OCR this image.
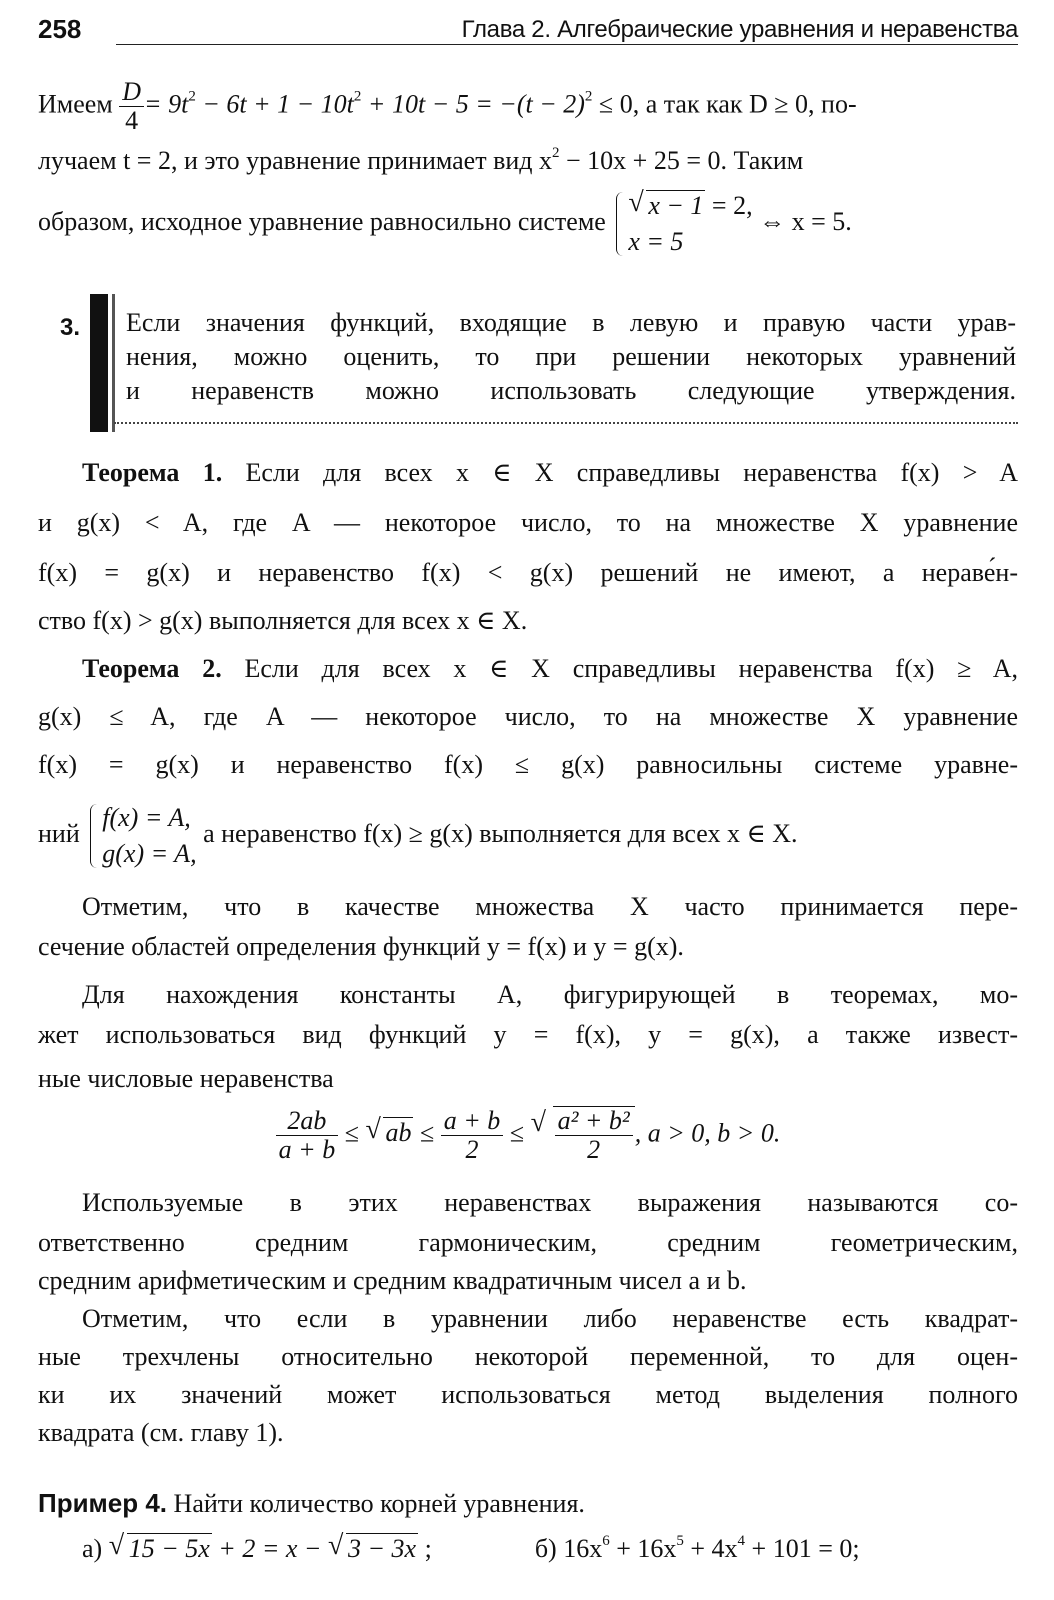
258	Глава 2. Алгебраические уравнения и неравенства
Имеем $\frac{D}{4} = 9t^2 - 6t + 1 - 10t^2 + 10t - 5 = -(t - 2)^2 \le 0$, а так как D ≥ 0, по-
лучаем t = 2, и это уравнение принимает вид $x^2 - 10x + 25 = 0$. Таким
образом, исходное уравнение равносильно системе
√ x − 1 = 2,
x = 5
⇔ x = 5.
3. Если значения функций, входящие в левую и правую части урав-
нения, можно оценить, то при решении некоторых уравнений
и неравенств можно использовать следующие утверждения.
Теорема 1. Если для всех x ∈ X справедливы неравенства f(x) > A
и g(x) < A, где A — некоторое число, то на множестве X уравнение
f(x) = g(x) и неравенство f(x) < g(x) решений не имеют, а нераве́н-
ство f(x) > g(x) выполняется для всех x ∈ X.
Теорема 2. Если для всех x ∈ X справедливы неравенства f(x) ≥ A,
g(x) ≤ A, где A — некоторое число, то на множестве X уравнение
f(x) = g(x) и неравенство f(x) ≤ g(x) равносильны системе уравне-
ний
f(x) = A,
g(x) = A,
а неравенство f(x) ≥ g(x) выполняется для всех x ∈ X.
Отметим, что в качестве множества X часто принимается пере-
сечение областей определения функций y = f(x) и y = g(x).
Для нахождения константы A, фигурирующей в теоремах, мо-
жет использоваться вид функций y = f(x), y = g(x), а также извест-
ные числовые неравенства
$\frac{2ab}{a + b}$ ≤ √ ab ≤ $\frac{a + b}{2}$ ≤ √ $\frac{\text{a² + b²}}{2}$ , a > 0, b > 0.
Используемые в этих неравенствах выражения называются со-
ответственно средним гармоническим, средним геометрическим,
средним арифметическим и средним квадратичным чисел a и b.
Отметим, что если в уравнении либо неравенстве есть квадрат-
ные трехчлены относительно некоторой переменной, то для оцен-
ки их значений может использоваться метод выделения полного
квадрата (см. главу 1).
Пример 4. Найти количество корней уравнения.
а) √ 15 − 5x + 2 = x − √ 3 − 3x ;	б) $16x^6 + 16x^5 + 4x^4 + 101 = 0$;
